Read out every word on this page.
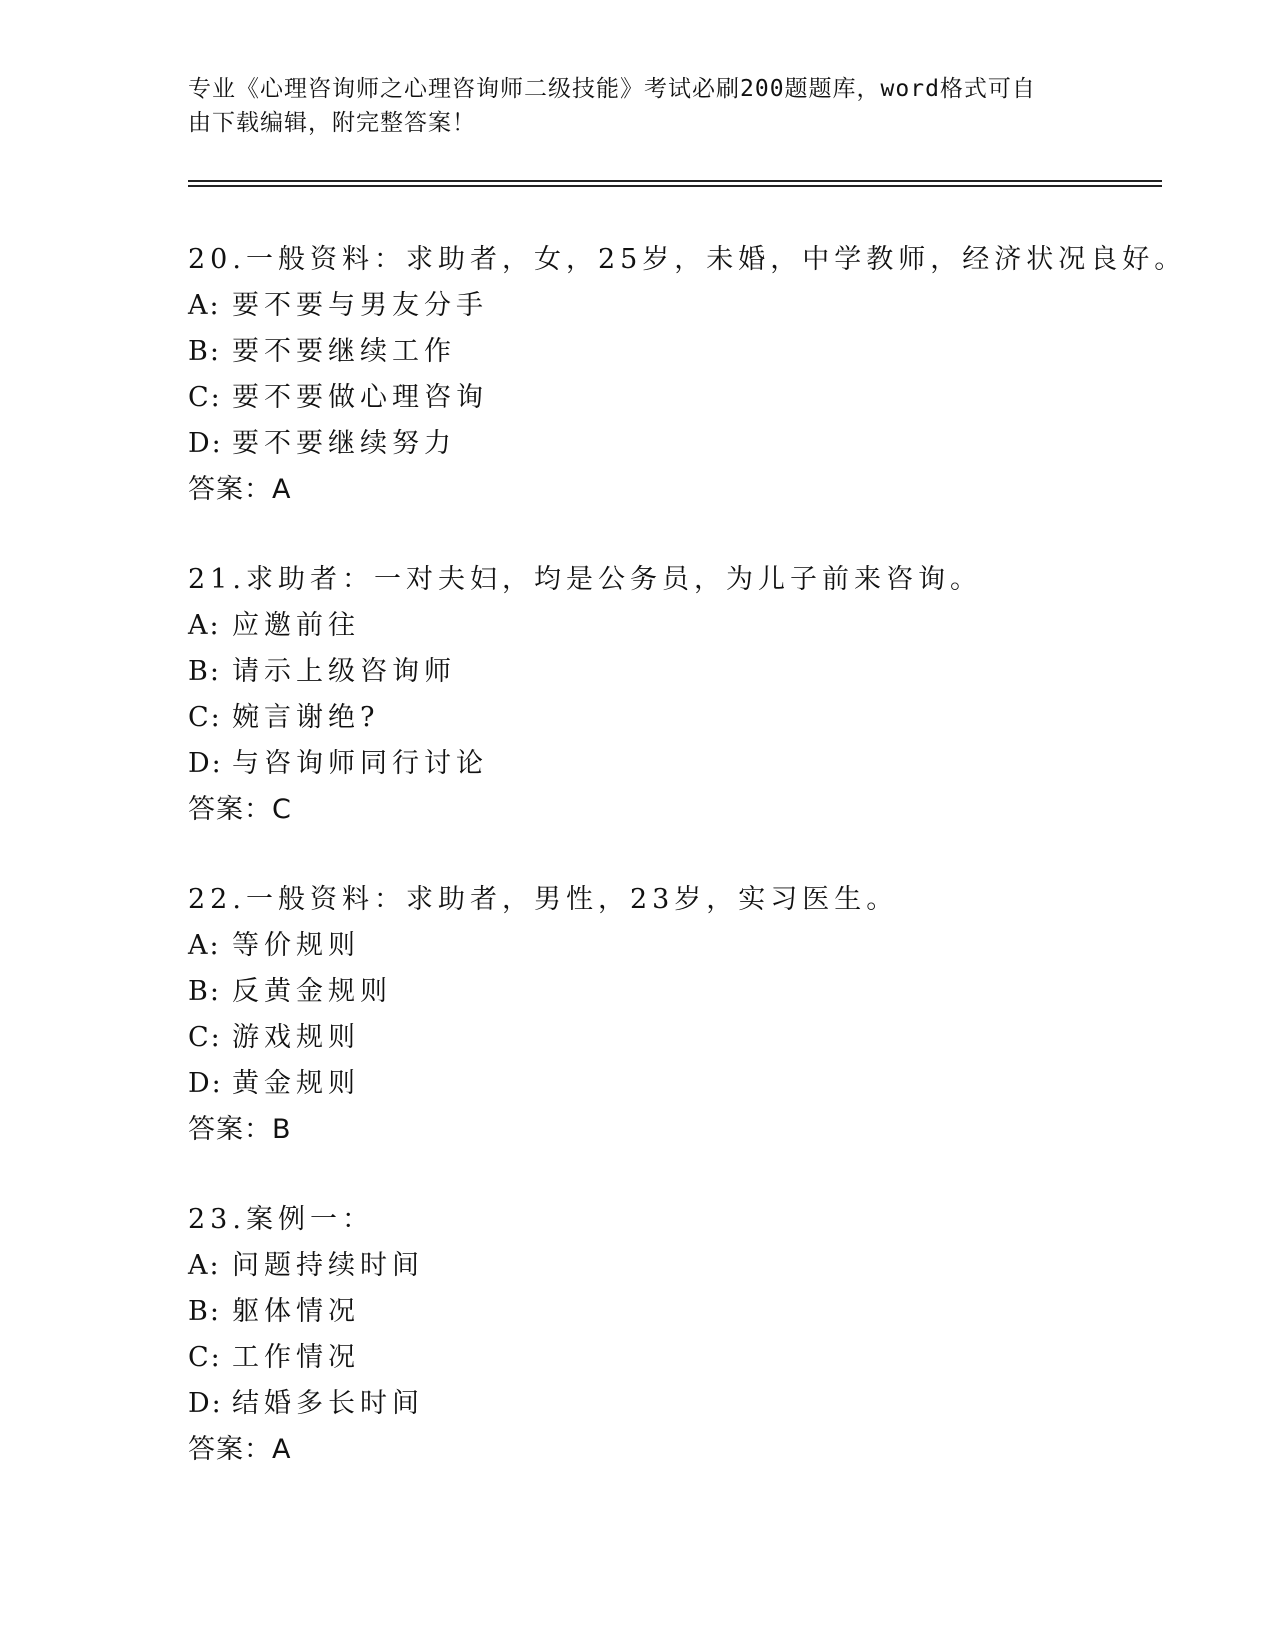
专业《心理咨询师之心理咨询师二级技能》考试必刷200题题库，word格式可自
由下载编辑，附完整答案！
20.一般资料：求助者，女，25岁，未婚，中学教师，经济状况良好。
A: 要不要与男友分手
B: 要不要继续工作
C: 要不要做心理咨询
D: 要不要继续努力
答案：A
21.求助者：一对夫妇，均是公务员，为儿子前来咨询。
A: 应邀前往
B: 请示上级咨询师
C: 婉言谢绝?
D: 与咨询师同行讨论
答案：C
22.一般资料：求助者，男性，23岁，实习医生。
A: 等价规则
B: 反黄金规则
C: 游戏规则
D: 黄金规则
答案：B
23.案例一：
A: 问题持续时间
B: 躯体情况
C: 工作情况
D: 结婚多长时间
答案：A
